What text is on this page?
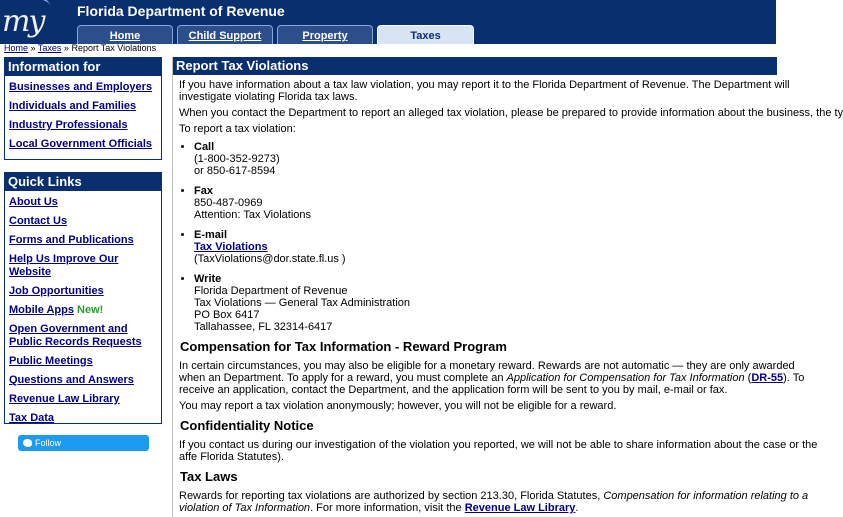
my Florida Department of Revenue
Home	Child Support	Property	Taxes
Home » Taxes » Report Tax Violations
Information for
Businesses and Employers
Individuals and Families
Industry Professionals
Local Government Officials
Quick Links
About Us
Contact Us
Forms and Publications
Help Us Improve Our Website
Job Opportunities
Mobile Apps New!
Open Government and Public Records Requests
Public Meetings
Questions and Answers
Revenue Law Library
Tax Data
Follow @MyFLDOR_TaxInfo
Report Tax Violations

If you have information about a tax law violation, you may report it to the Florida Department of Revenue. The Department will investigate violating Florida tax laws.

When you contact the Department to report an alleged tax violation, please be prepared to provide information about the business, the ty

To report a tax violation:

• Call
(1-800-352-9273)
or 850-617-8594
• Fax
850-487-0969
Attention: Tax Violations
• E-mail
Tax Violations
(TaxViolations@dor.state.fl.us )
• Write
Florida Department of Revenue
Tax Violations — General Tax Administration
PO Box 6417
Tallahassee, FL 32314-6417
Compensation for Tax Information - Reward Program

In certain circumstances, you may also be eligible for a monetary reward. Rewards are not automatic — they are only awarded when an Department. To apply for a reward, you must complete an Application for Compensation for Tax Information (DR-55). To receive an application, contact the Department, and the application form will be sent to you by mail, e-mail or fax.

You may report a tax violation anonymously; however, you will not be eligible for a reward.

Confidentiality Notice

If you contact us during our investigation of the violation you reported, we will not be able to share information about the case or the affe Florida Statutes).

Tax Laws

Rewards for reporting tax violations are authorized by section 213.30, Florida Statutes, Compensation for information relating to a violation of Tax Information. For more information, visit the Revenue Law Library.
